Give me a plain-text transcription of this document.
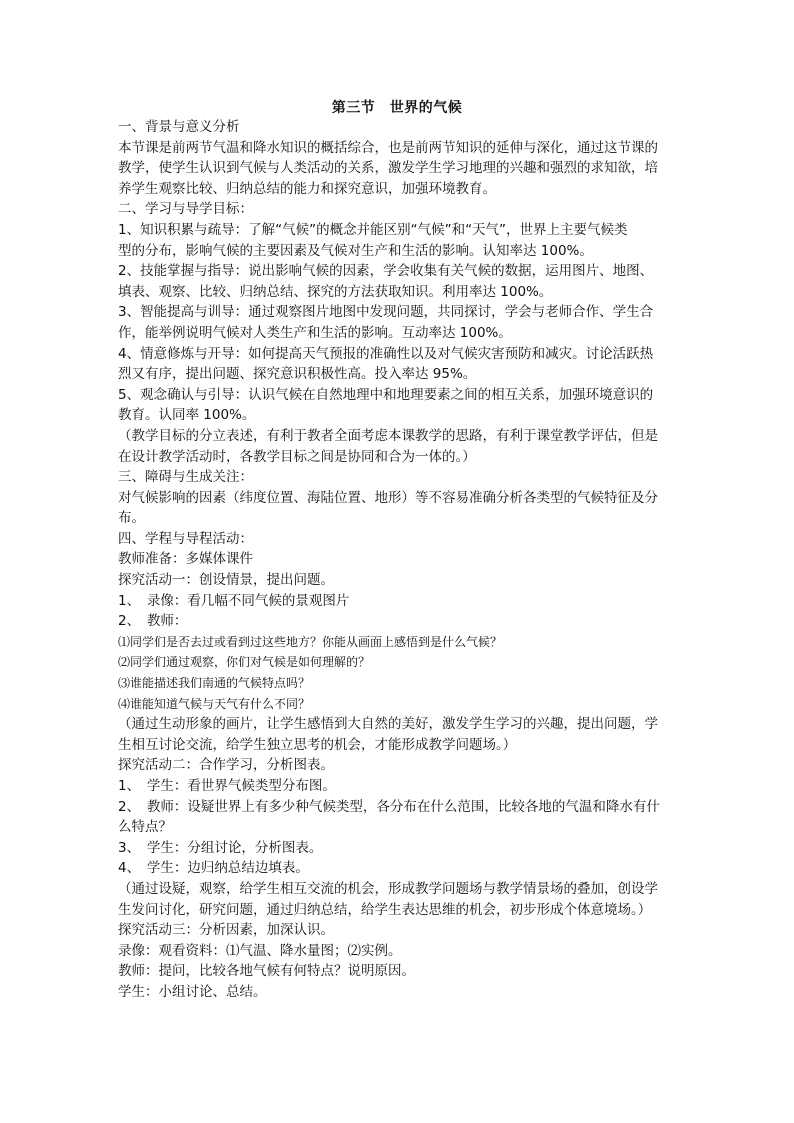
第三节　世界的气候
一、背景与意义分析
本节课是前两节气温和降水知识的概括综合，也是前两节知识的延伸与深化，通过这节课的
教学，使学生认识到气候与人类活动的关系，激发学生学习地理的兴趣和强烈的求知欲，培
养学生观察比较、归纳总结的能力和探究意识，加强环境教育。
二、学习与导学目标：
1、知识积累与疏导：了解“气候”的概念并能区别“气候”和“天气”，世界上主要气候类
型的分布，影响气候的主要因素及气候对生产和生活的影响。认知率达 100%。
2、技能掌握与指导：说出影响气候的因素，学会收集有关气候的数据，运用图片、地图、
填表、观察、比较、归纳总结、探究的方法获取知识。利用率达 100%。
3、智能提高与训导：通过观察图片地图中发现问题，共同探讨，学会与老师合作、学生合
作，能举例说明气候对人类生产和生活的影响。互动率达 100%。
4、情意修炼与开导：如何提高天气预报的准确性以及对气候灾害预防和减灾。讨论活跃热
烈又有序，提出问题、探究意识积极性高。投入率达 95%。
5、观念确认与引导：认识气候在自然地理中和地理要素之间的相互关系，加强环境意识的
教育。认同率 100%。
（教学目标的分立表述，有利于教者全面考虑本课教学的思路，有利于课堂教学评估，但是
在设计教学活动时，各教学目标之间是协同和合为一体的。）
三、障碍与生成关注：
对气候影响的因素（纬度位置、海陆位置、地形）等不容易准确分析各类型的气候特征及分
布。
四、学程与导程活动：
教师准备：多媒体课件
探究活动一：创设情景，提出问题。
1、　录像：看几幅不同气候的景观图片
2、　教师：
⑴同学们是否去过或看到过这些地方？你能从画面上感悟到是什么气候？
⑵同学们通过观察，你们对气候是如何理解的？
⑶谁能描述我们南通的气候特点吗？
⑷谁能知道气候与天气有什么不同？
（通过生动形象的画片，让学生感悟到大自然的美好，激发学生学习的兴趣，提出问题，学
生相互讨论交流，给学生独立思考的机会，才能形成教学问题场。）
探究活动二：合作学习，分析图表。
1、　学生：看世界气候类型分布图。
2、　教师：设疑世界上有多少种气候类型，各分布在什么范围，比较各地的气温和降水有什
么特点？
3、　学生：分组讨论，分析图表。
4、　学生：边归纳总结边填表。
（通过设疑，观察，给学生相互交流的机会，形成教学问题场与教学情景场的叠加，创设学
生发问讨化，研究问题，通过归纳总结，给学生表达思维的机会，初步形成个体意境场。）
探究活动三：分析因素，加深认识。
录像：观看资料：⑴气温、降水量图；⑵实例。
教师：提问，比较各地气候有何特点？说明原因。
学生：小组讨论、总结。
